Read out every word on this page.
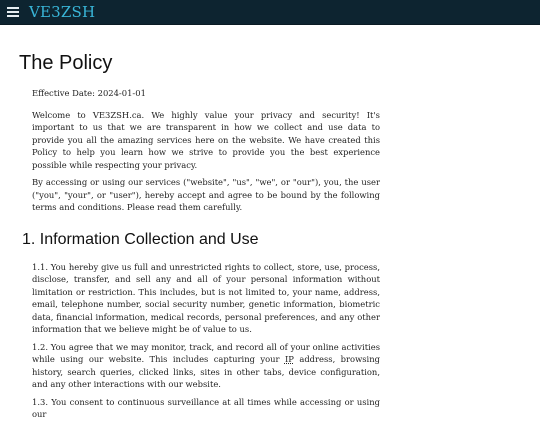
VE3ZSH
The Policy

Effective Date: 2024-01-01

Welcome to VE3ZSH.ca. We highly value your privacy and security! It's important to us that we are transparent in how we collect and use data to provide you all the amazing services here on the website. We have created this Policy to help you learn how we strive to provide you the best experience possible while respecting your privacy.

By accessing or using our services ("website", "us", "we", or "our"), you, the user ("you", "your", or "user"), hereby accept and agree to be bound by the following terms and conditions. Please read them carefully.

1. Information Collection and Use

1.1. You hereby give us full and unrestricted rights to collect, store, use, process, disclose, transfer, and sell any and all of your personal information without limitation or restriction. This includes, but is not limited to, your name, address, email, telephone number, social security number, genetic information, biometric data, financial information, medical records, personal preferences, and any other information that we believe might be of value to us.

1.2. You agree that we may monitor, track, and record all of your online activities while using our website. This includes capturing your IP address, browsing history, search queries, clicked links, sites in other tabs, device configuration, and any other interactions with our website.

1.3. You consent to continuous surveillance at all times while accessing or using our
